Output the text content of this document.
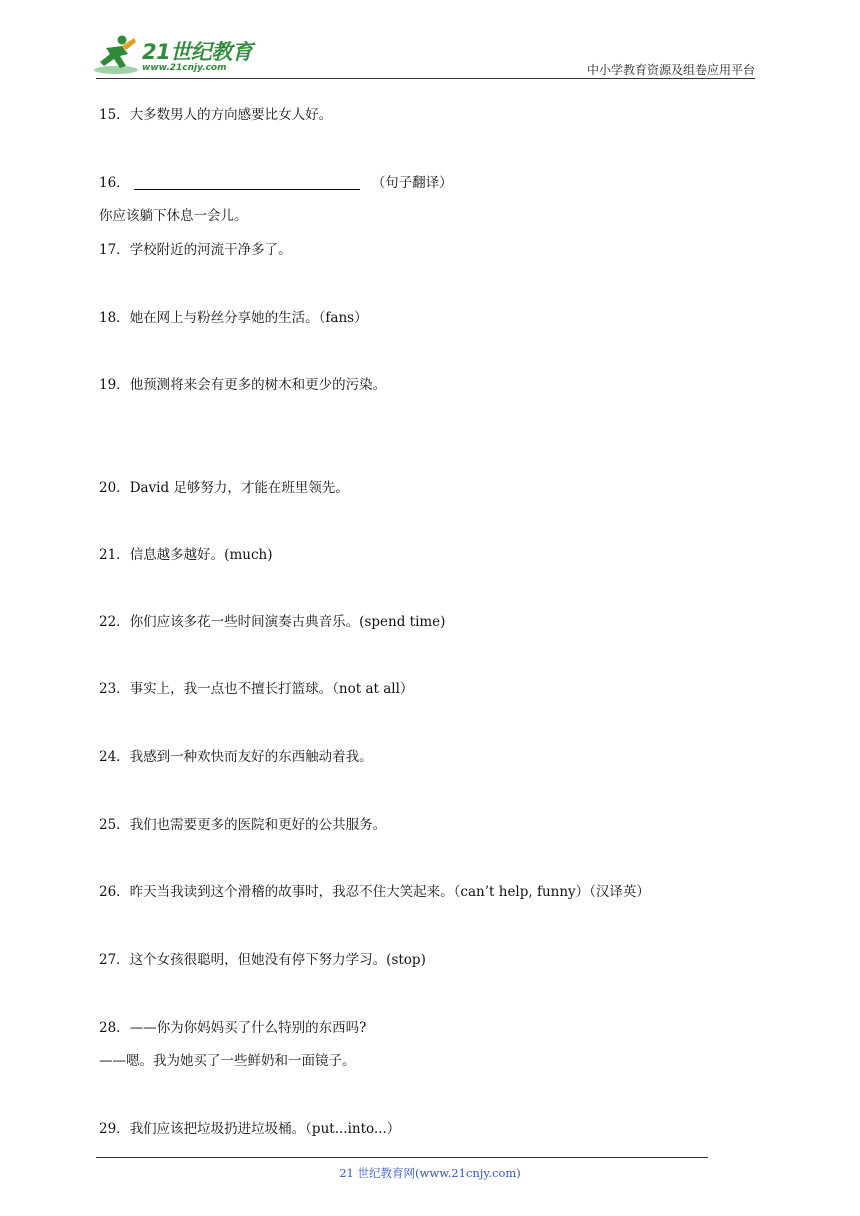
21世纪教育
www.21cnjy.com	中小学教育资源及组卷应用平台
15．大多数男人的方向感要比女人好。
16．	（句子翻译）
你应该躺下休息一会儿。
17．学校附近的河流干净多了。
18．她在网上与粉丝分享她的生活。（fans）
19．他预测将来会有更多的树木和更少的污染。
20．David 足够努力，才能在班里领先。
21．信息越多越好。(much)
22．你们应该多花一些时间演奏古典音乐。(spend time)
23．事实上，我一点也不擅长打篮球。（not at all）
24．我感到一种欢快而友好的东西触动着我。
25．我们也需要更多的医院和更好的公共服务。
26．昨天当我读到这个滑稽的故事时，我忍不住大笑起来。（can’t help, funny）（汉译英）
27．这个女孩很聪明，但她没有停下努力学习。(stop)
28．——你为你妈妈买了什么特别的东西吗?
——嗯。我为她买了一些鲜奶和一面镜子。
29．我们应该把垃圾扔进垃圾桶。（put...into...）
21 世纪教育网(www.21cnjy.com)
